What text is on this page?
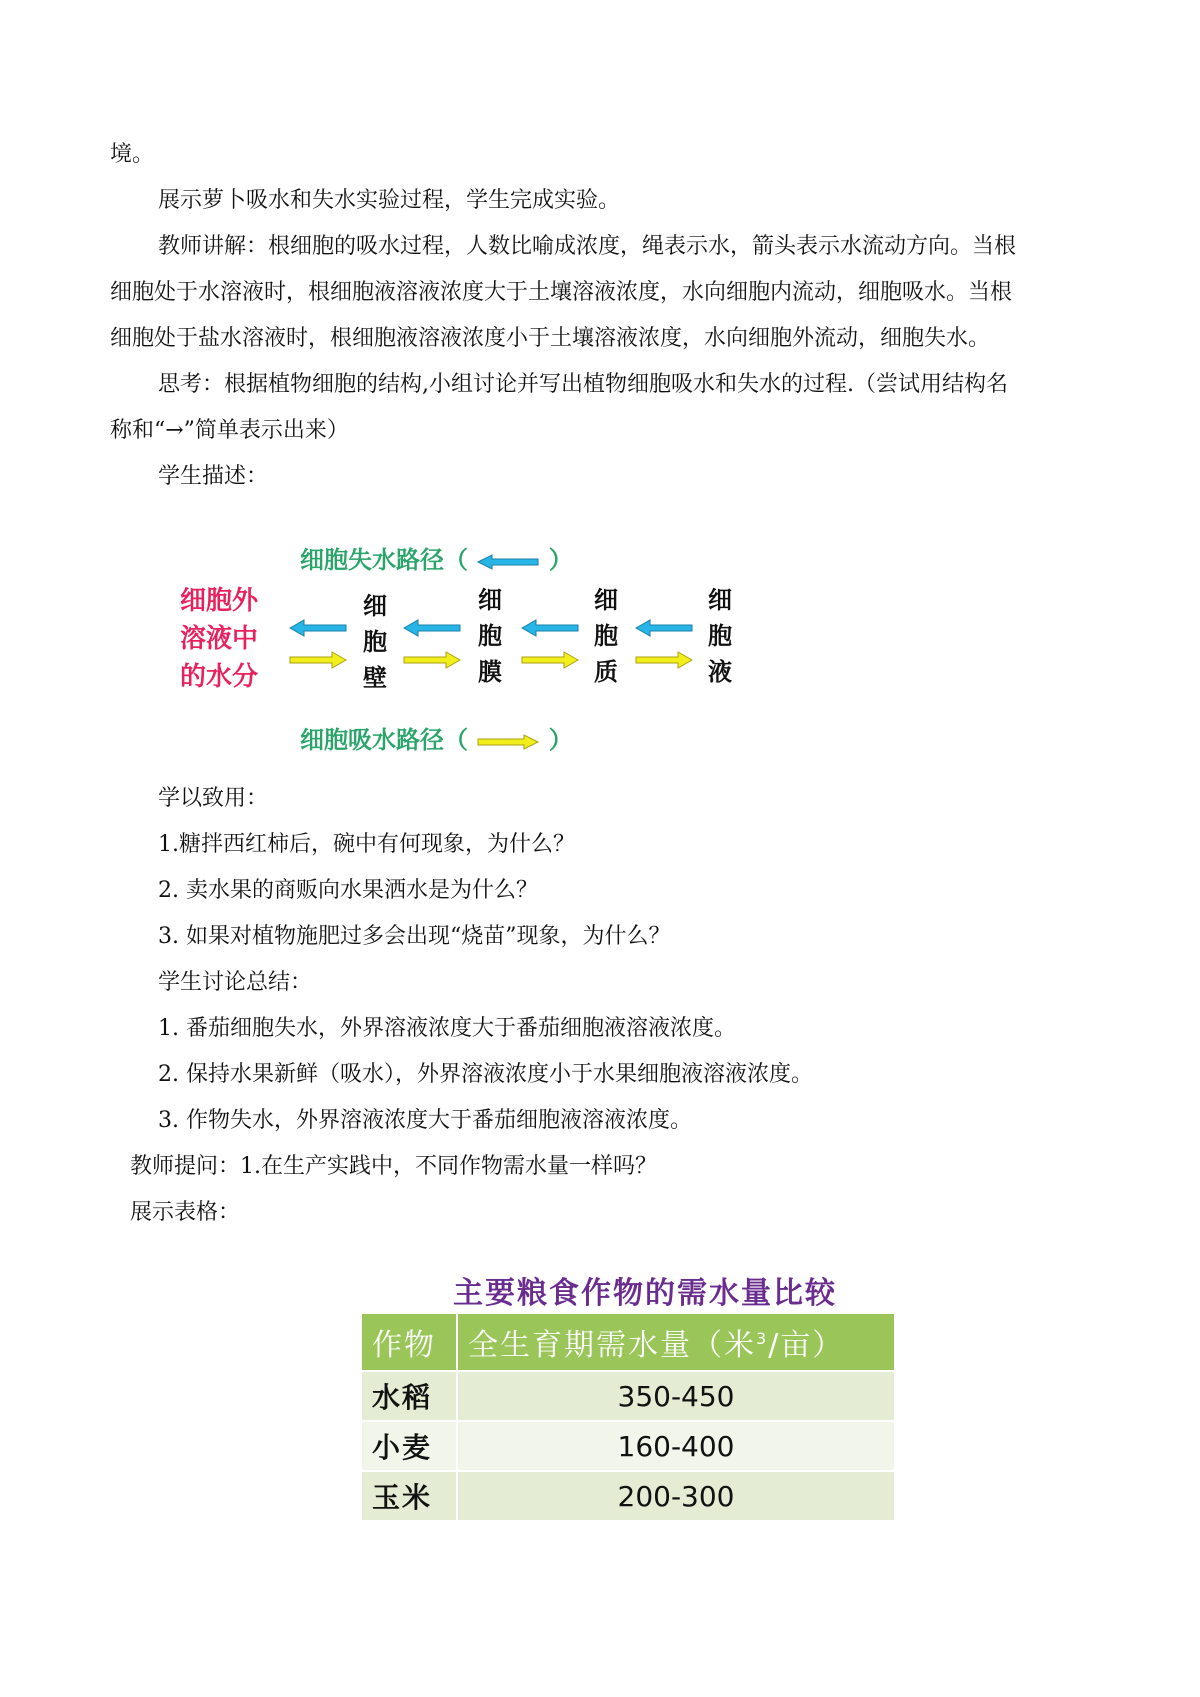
境。
展示萝卜吸水和失水实验过程，学生完成实验。
教师讲解：根细胞的吸水过程，人数比喻成浓度，绳表示水，箭头表示水流动方向。当根
细胞处于水溶液时，根细胞液溶液浓度大于土壤溶液浓度，水向细胞内流动，细胞吸水。当根
细胞处于盐水溶液时，根细胞液溶液浓度小于土壤溶液浓度，水向细胞外流动，细胞失水。
思考：根据植物细胞的结构,小组讨论并写出植物细胞吸水和失水的过程.（尝试用结构名
称和“→”简单表示出来）
学生描述：
细胞失水路径（	）
细胞外
溶液中
的水分
细
胞
壁
细
胞
膜
细
胞
质
细
胞
液
细胞吸水路径（	）
学以致用：
1.糖拌西红柿后，碗中有何现象，为什么？
2. 卖水果的商贩向水果洒水是为什么？
3. 如果对植物施肥过多会出现“烧苗”现象，为什么？
学生讨论总结：
1. 番茄细胞失水，外界溶液浓度大于番茄细胞液溶液浓度。
2. 保持水果新鲜（吸水），外界溶液浓度小于水果细胞液溶液浓度。
3. 作物失水，外界溶液浓度大于番茄细胞液溶液浓度。
教师提问：1.在生产实践中，不同作物需水量一样吗？
展示表格：
主要粮食作物的需水量比较
作物	全生育期需水量（米$^3$/亩）
水稻	350-450
小麦	160-400
玉米	200-300
